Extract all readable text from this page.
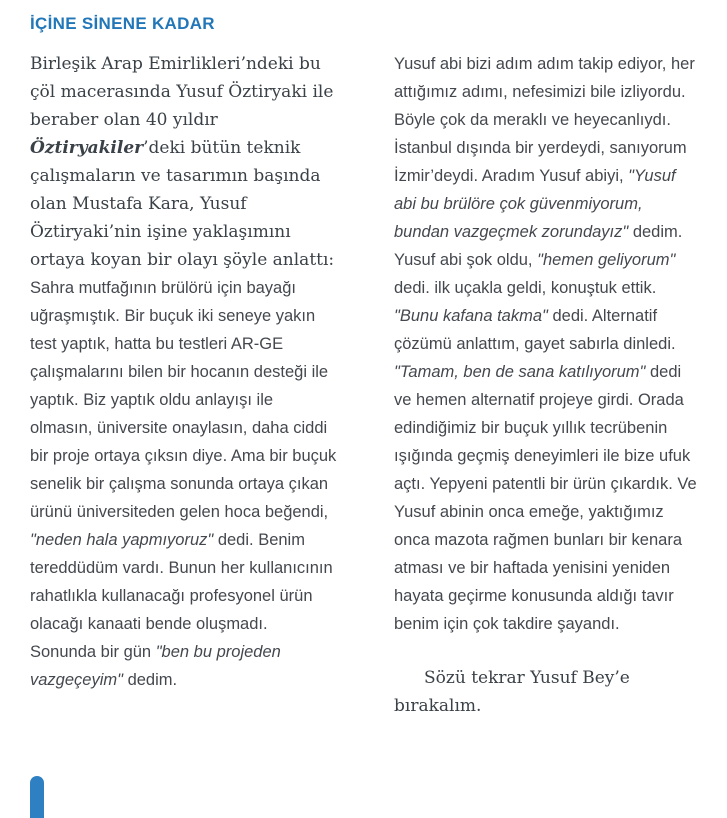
İÇİNE SİNENE KADAR

Birleşik Arap Emirlikleri’ndeki bu çöl macerasında Yusuf Öztiryaki ile beraber olan 40 yıldır Öztiryakiler’deki bütün teknik çalışmaların ve tasarımın başında olan Mustafa Kara, Yusuf Öztiryaki’nin işine yaklaşımını ortaya koyan bir olayı şöyle anlattı:

Sahra mutfağının brülörü için bayağı uğraşmıştık. Bir buçuk iki seneye yakın test yaptık, hatta bu testleri AR-GE çalışmalarını bilen bir hocanın desteği ile yaptık. Biz yaptık oldu anlayışı ile olmasın, üniversite onaylasın, daha ciddi bir proje ortaya çıksın diye. Ama bir buçuk senelik bir çalışma sonunda ortaya çıkan ürünü üniversiteden gelen hoca beğendi, "neden hala yapmıyoruz" dedi. Benim tereddüdüm vardı. Bunun her kullanıcının rahatlıkla kullanacağı profesyonel ürün olacağı kanaati bende oluşmadı. Sonunda bir gün "ben bu projeden vazgeçeyim" dedim.

Yusuf abi bizi adım adım takip ediyor, her attığımız adımı, nefesimizi bile izliyordu. Böyle çok da meraklı ve heyecanlıydı. İstanbul dışında bir yerdeydi, sanıyorum İzmir’deydi. Aradım Yusuf abiyi, "Yusuf abi bu brülöre çok güvenmiyorum, bundan vazgeçmek zorundayız" dedim. Yusuf abi şok oldu, "hemen geliyorum" dedi. ilk uçakla geldi, konuştuk ettik. "Bunu kafana takma" dedi. Alternatif çözümü anlattım, gayet sabırla dinledi. "Tamam, ben de sana katılıyorum" dedi ve hemen alternatif projeye girdi. Orada edindiğimiz bir buçuk yıllık tecrübenin ışığında geçmiş deneyimleri ile bize ufuk açtı. Yepyeni patentli bir ürün çıkardık. Ve Yusuf abinin onca emeğe, yaktığımız onca mazota rağmen bunları bir kenara atması ve bir haftada yenisini yeniden hayata geçirme konusunda aldığı tavır benim için çok takdire şayandı.

Sözü tekrar Yusuf Bey’e bırakalım.
